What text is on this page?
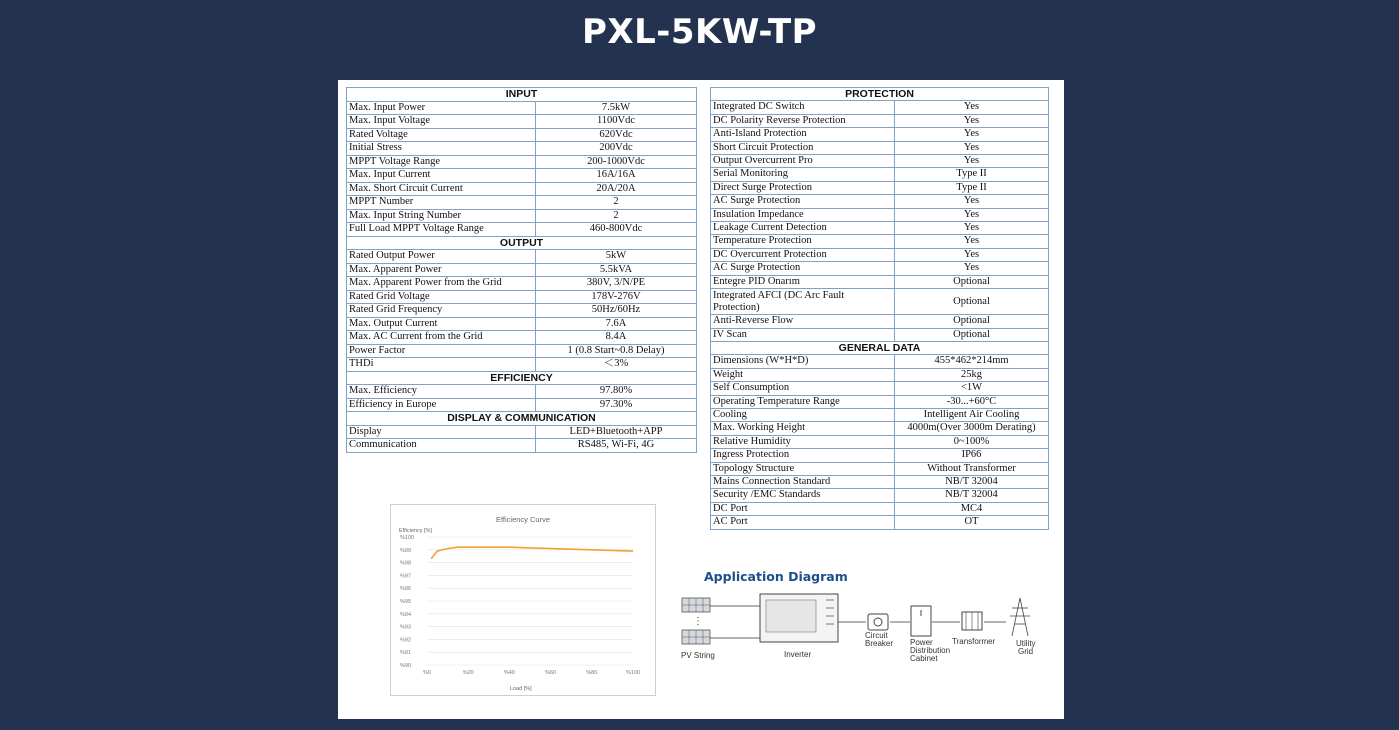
PXL-5KW-TP
INPUT	
Max. Input Power	7.5kW
Max. Input Voltage	1100Vdc
Rated Voltage	620Vdc
Initial Stress	200Vdc
MPPT Voltage Range	200-1000Vdc
Max. Input Current	16A/16A
Max. Short Circuit Current	20A/20A
MPPT Number	2
Max. Input String Number	2
Full Load MPPT Voltage Range	460-800Vdc
OUTPUT	
Rated Output Power	5kW
Max. Apparent Power	5.5kVA
Max. Apparent Power from the Grid	380V, 3/N/PE
Rated Grid Voltage	178V-276V
Rated Grid Frequency	50Hz/60Hz
Max. Output Current	7.6A
Max. AC Current from the Grid	8.4A
Power Factor	1 (0.8 Start~0.8 Delay)
THDi	＜3%
EFFICIENCY	
Max. Efficiency	97.80%
Efficiency in Europe	97.30%
DISPLAY & COMMUNICATION	
Display	LED+Bluetooth+APP
Communication	RS485, Wi-Fi, 4G
PROTECTION	
Integrated DC Switch	Yes
DC Polarity Reverse Protection	Yes
Anti-Island Protection	Yes
Short Circuit Protection	Yes
Output Overcurrent Pro	Yes
Serial Monitoring	Type II
Direct Surge Protection	Type II
AC Surge Protection	Yes
Insulation Impedance	Yes
Leakage Current Detection	Yes
Temperature Protection	Yes
DC Overcurrent Protection	Yes
AC Surge Protection	Yes
Entegre PID Onarım	Optional
Integrated AFCI (DC Arc Fault Protection)	Optional
Anti-Reverse Flow	Optional
IV Scan	Optional
GENERAL DATA	
Dimensions (W*H*D)	455*462*214mm
Weight	25kg
Self Consumption	<1W
Operating Temperature Range	-30...+60°C
Cooling	Intelligent Air Cooling
Max. Working Height	4000m(Over 3000m Derating)
Relative Humidity	0~100%
Ingress Protection	IP66
Topology Structure	Without Transformer
Mains Connection Standard	NB/T 32004
Security /EMC Standards	NB/T 32004
DC Port	MC4
AC Port	OT
Efficiency Curve
Efficiency [%]
Load [%]
%100
%99
%98
%97
%96
%95
%94
%93
%92
%91
%90
%0	%20	%40	%60	%80	%100
Application Diagram
⋮
PV String	Inverter
Circuit
Breaker Power
Distribution
Cabinet
Transformer	Utility
Grid
